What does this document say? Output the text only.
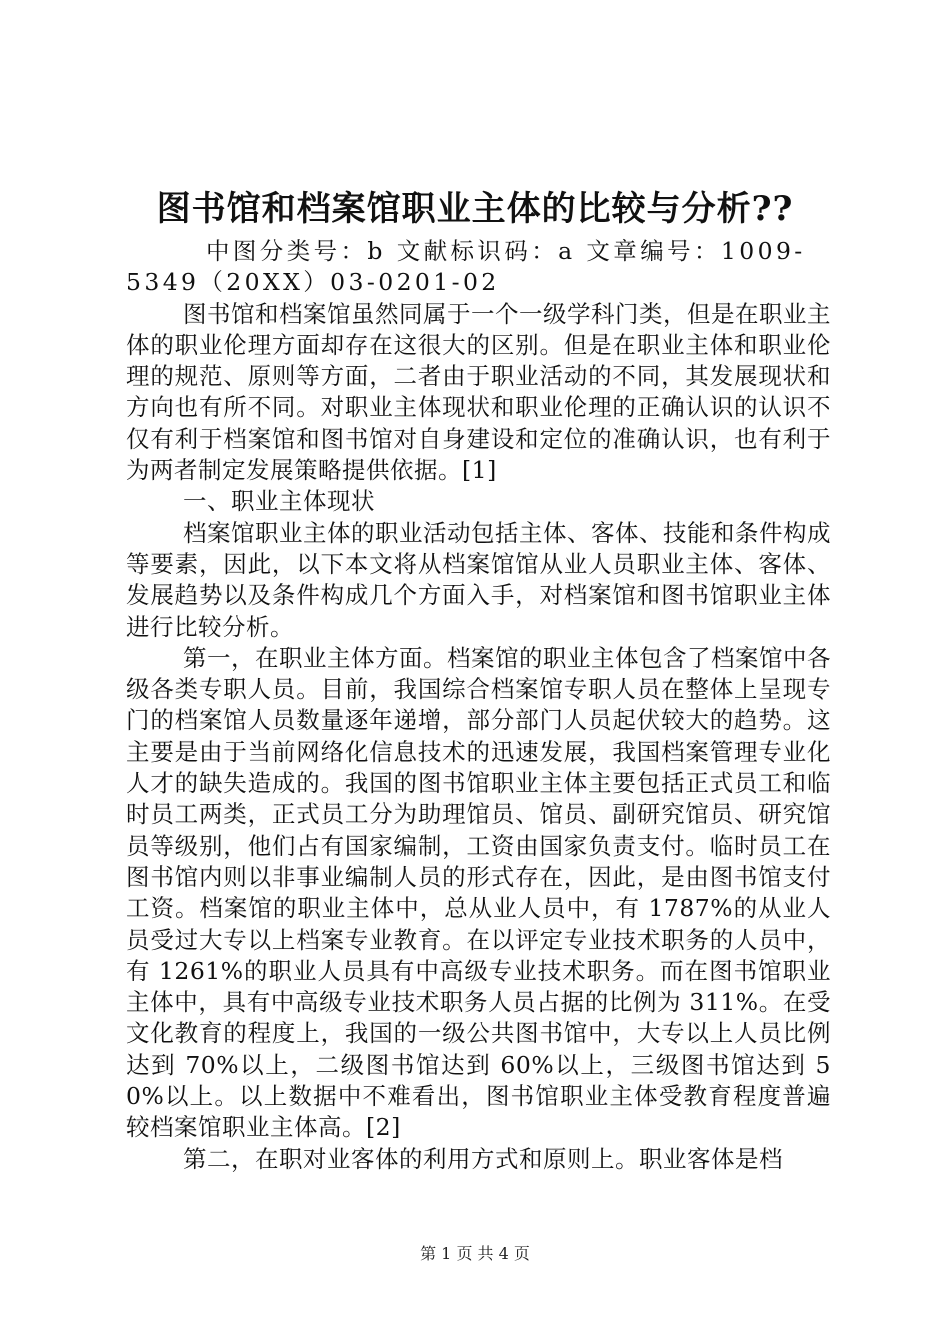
图书馆和档案馆职业主体的比较与分析??

中图分类号：b 文献标识码：a 文章编号：1009-5349（20XX）03-0201-02

图书馆和档案馆虽然同属于一个一级学科门类，但是在职业主体的职业伦理方面却存在这很大的区别。但是在职业主体和职业伦理的规范、原则等方面，二者由于职业活动的不同，其发展现状和方向也有所不同。对职业主体现状和职业伦理的正确认识的认识不仅有利于档案馆和图书馆对自身建设和定位的准确认识，也有利于为两者制定发展策略提供依据。[1]

一、职业主体现状

档案馆职业主体的职业活动包括主体、客体、技能和条件构成等要素，因此，以下本文将从档案馆馆从业人员职业主体、客体、发展趋势以及条件构成几个方面入手，对档案馆和图书馆职业主体进行比较分析。

第一，在职业主体方面。档案馆的职业主体包含了档案馆中各级各类专职人员。目前，我国综合档案馆专职人员在整体上呈现专门的档案馆人员数量逐年递增，部分部门人员起伏较大的趋势。这主要是由于当前网络化信息技术的迅速发展，我国档案管理专业化人才的缺失造成的。我国的图书馆职业主体主要包括正式员工和临时员工两类，正式员工分为助理馆员、馆员、副研究馆员、研究馆员等级别，他们占有国家编制，工资由国家负责支付。临时员工在图书馆内则以非事业编制人员的形式存在，因此，是由图书馆支付工资。档案馆的职业主体中，总从业人员中，有 1787%的从业人员受过大专以上档案专业教育。在以评定专业技术职务的人员中，有 1261%的职业人员具有中高级专业技术职务。而在图书馆职业主体中，具有中高级专业技术职务人员占据的比例为 311%。在受文化教育的程度上，我国的一级公共图书馆中，大专以上人员比例达到 70%以上，二级图书馆达到 60%以上，三级图书馆达到 50%以上。以上数据中不难看出，图书馆职业主体受教育程度普遍较档案馆职业主体高。[2]

第二，在职对业客体的利用方式和原则上。职业客体是档

第 1 页 共 4 页
